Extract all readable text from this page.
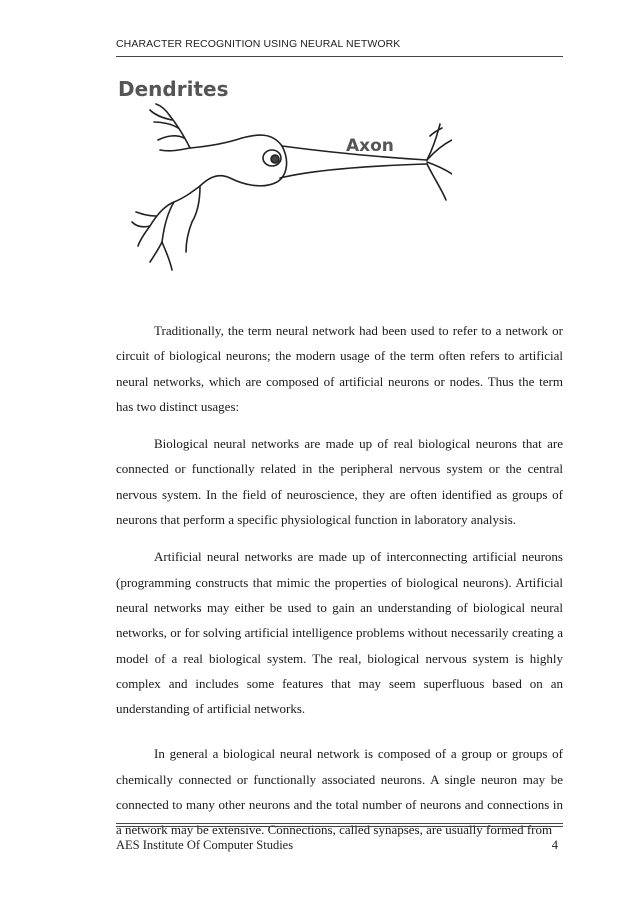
CHARACTER RECOGNITION USING NEURAL NETWORK
Dendrites
Axon

Traditionally, the term neural network had been used to refer to a network or circuit of biological neurons; the modern usage of the term often refers to artificial neural networks, which are composed of artificial neurons or nodes. Thus the term has two distinct usages:

Biological neural networks are made up of real biological neurons that are connected or functionally related in the peripheral nervous system or the central nervous system. In the field of neuroscience, they are often identified as groups of neurons that perform a specific physiological function in laboratory analysis.

Artificial neural networks are made up of interconnecting artificial neurons (programming constructs that mimic the properties of biological neurons). Artificial neural networks may either be used to gain an understanding of biological neural networks, or for solving artificial intelligence problems without necessarily creating a model of a real biological system. The real, biological nervous system is highly complex and includes some features that may seem superfluous based on an understanding of artificial networks.

In general a biological neural network is composed of a group or groups of chemically connected or functionally associated neurons. A single neuron may be connected to many other neurons and the total number of neurons and connections in a network may be extensive. Connections, called synapses, are usually formed from

AES Institute Of Computer Studies	4
